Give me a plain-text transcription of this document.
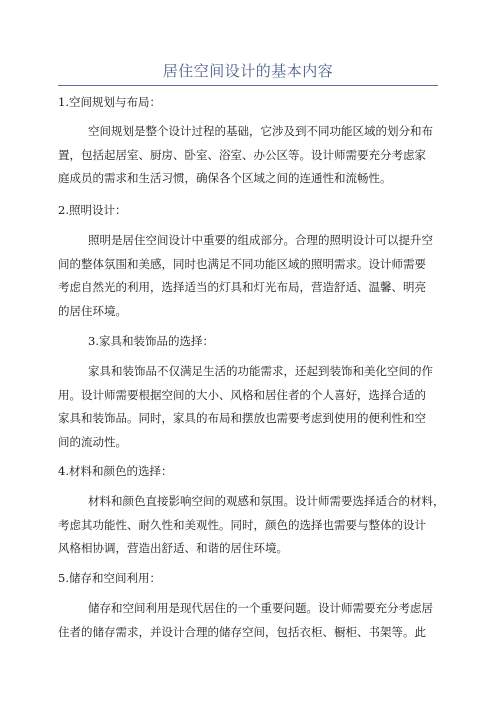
居住空间设计的基本内容
1.空间规划与布局：
空间规划是整个设计过程的基础，它涉及到不同功能区域的划分和布
置，包括起居室、厨房、卧室、浴室、办公区等。设计师需要充分考虑家
庭成员的需求和生活习惯，确保各个区域之间的连通性和流畅性。
2.照明设计：
照明是居住空间设计中重要的组成部分。合理的照明设计可以提升空
间的整体氛围和美感，同时也满足不同功能区域的照明需求。设计师需要
考虑自然光的利用，选择适当的灯具和灯光布局，营造舒适、温馨、明亮
的居住环境。
3.家具和装饰品的选择：
家具和装饰品不仅满足生活的功能需求，还起到装饰和美化空间的作
用。设计师需要根据空间的大小、风格和居住者的个人喜好，选择合适的
家具和装饰品。同时，家具的布局和摆放也需要考虑到使用的便利性和空
间的流动性。
4.材料和颜色的选择：
材料和颜色直接影响空间的观感和氛围。设计师需要选择适合的材料，
考虑其功能性、耐久性和美观性。同时，颜色的选择也需要与整体的设计
风格相协调，营造出舒适、和谐的居住环境。
5.储存和空间利用：
储存和空间利用是现代居住的一个重要问题。设计师需要充分考虑居
住者的储存需求，并设计合理的储存空间，包括衣柜、橱柜、书架等。此
